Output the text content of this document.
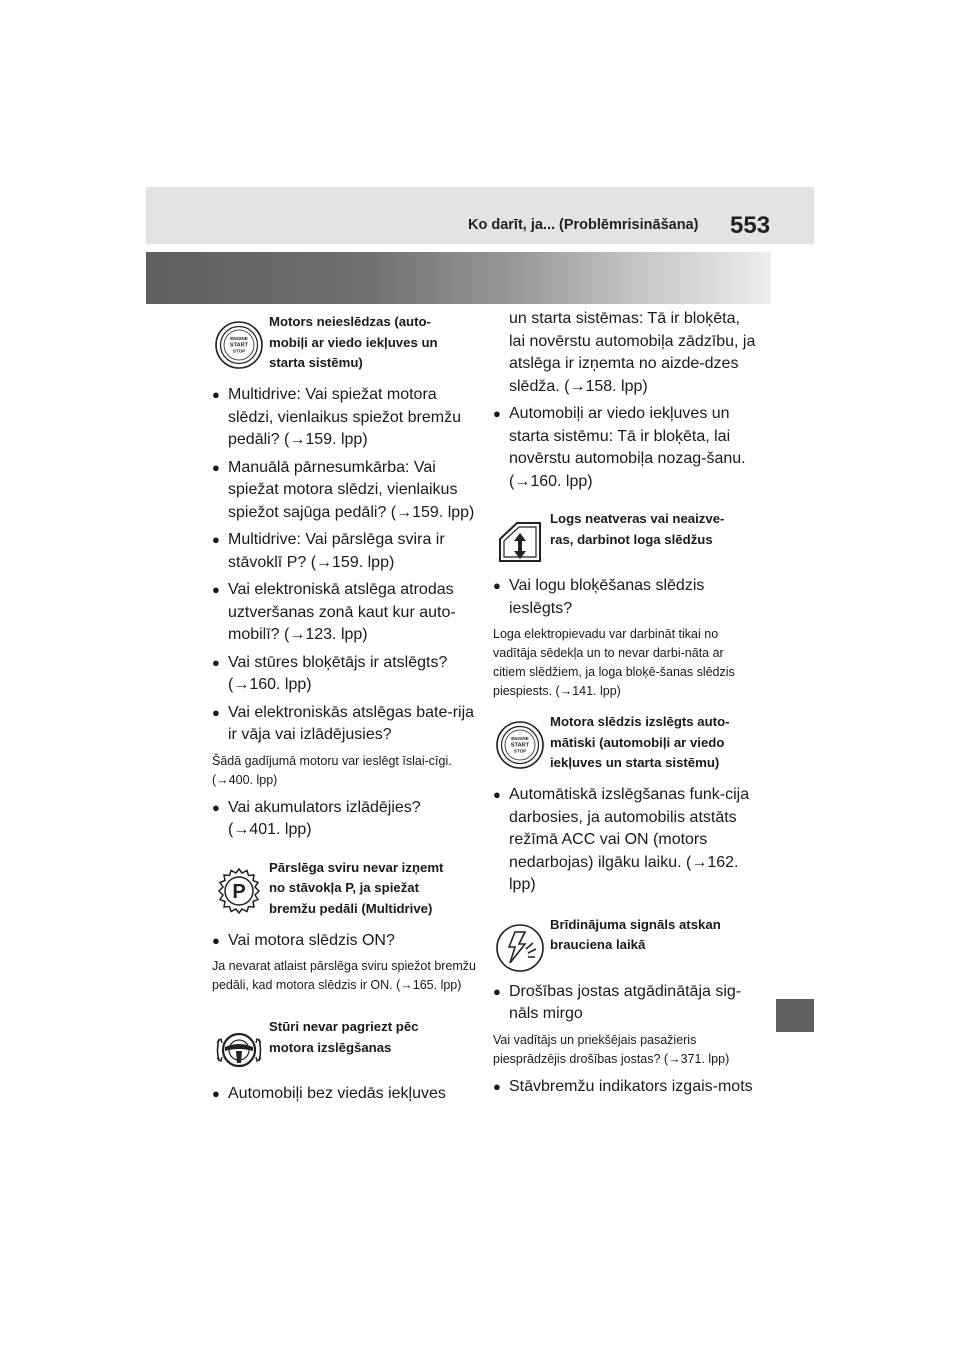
Ko darīt, ja... (Problēmrisināšana) 553
ENGINE
START
STOP
Motors neieslēdzas (auto-
mobiļi ar viedo iekļuves un
starta sistēmu)
● Multidrive: Vai spiežat motora slēdzi, vienlaikus spiežot bremžu pedāli? (→159. lpp)
● Manuālā pārnesumkārba: Vai spiežat motora slēdzi, vienlaikus spiežot sajūga pedāli? (→159. lpp)
● Multidrive: Vai pārslēga svira ir stāvoklī P? (→159. lpp)
● Vai elektroniskā atslēga atrodas uztveršanas zonā kaut kur auto-mobilī? (→123. lpp)
● Vai stūres bloķētājs ir atslēgts? (→160. lpp)
● Vai elektroniskās atslēgas bate-rija ir vāja vai izlādējusies?
Šādā gadījumā motoru var ieslēgt īslai-cīgi. (→400. lpp)
● Vai akumulators izlādējies? (→401. lpp)
P
Pārslēga sviru nevar izņemt
no stāvokļa P, ja spiežat
bremžu pedāli (Multidrive)
● Vai motora slēdzis ON?
Ja nevarat atlaist pārslēga sviru spiežot bremžu pedāli, kad motora slēdzis ir ON. (→165. lpp)
Stūri nevar pagriezt pēc
motora izslēgšanas
● Automobiļi bez viedās iekļuves
un starta sistēmas: Tā ir bloķēta, lai novērstu automobiļa zādzību, ja atslēga ir izņemta no aizde-dzes slēdža. (→158. lpp)
● Automobiļi ar viedo iekļuves un starta sistēmu: Tā ir bloķēta, lai novērstu automobiļa nozag-šanu. (→160. lpp)
Logs neatveras vai neaizve-
ras, darbinot loga slēdžus
● Vai logu bloķēšanas slēdzis ieslēgts?
Loga elektropievadu var darbināt tikai no vadītāja sēdekļa un to nevar darbi-nāta ar citiem slēdžiem, ja loga bloķē-šanas slēdzis piespiests. (→141. lpp)
ENGINE
START
STOP
Motora slēdzis izslēgts auto-
mātiski (automobiļi ar viedo
iekļuves un starta sistēmu)
● Automātiskā izslēgšanas funk-cija darbosies, ja automobilis atstāts režīmā ACC vai ON (motors nedarbojas) ilgāku laiku. (→162. lpp)
Brīdinājuma signāls atskan
brauciena laikā
● Drošības jostas atgādinātāja sig-nāls mirgo
Vai vadītājs un priekšējais pasažieris piesprādzējis drošības jostas? (→371. lpp)
● Stāvbremžu indikators izgais-mots
